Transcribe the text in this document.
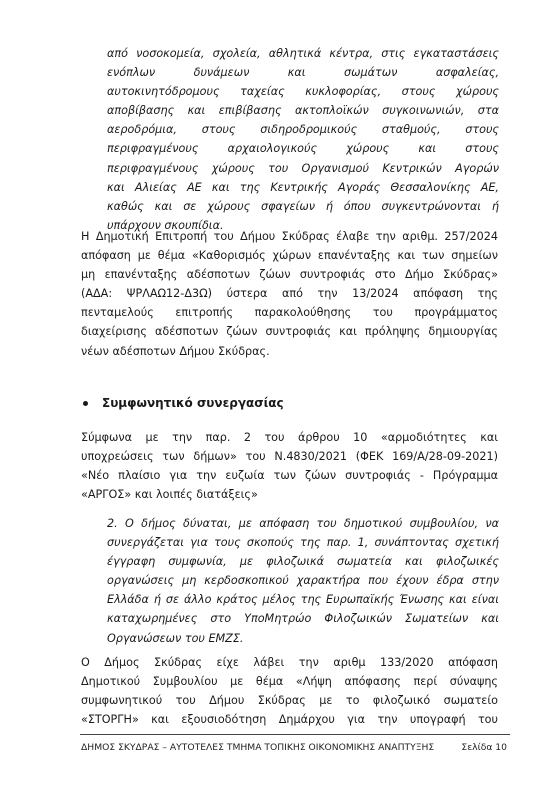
από νοσοκομεία, σχολεία, αθλητικά κέντρα, στις εγκαταστάσεις
ενόπλων δυνάμεων και σωμάτων ασφαλείας,
αυτοκινητόδρομους ταχείας κυκλοφορίας, στους χώρους
αποβίβασης και επιβίβασης ακτοπλοϊκών συγκοινωνιών, στα
αεροδρόμια, στους σιδηροδρομικούς σταθμούς, στους
περιφραγμένους αρχαιολογικούς χώρους και στους
περιφραγμένους χώρους του Οργανισμού Κεντρικών Αγορών
και Αλιείας ΑΕ και της Κεντρικής Αγοράς Θεσσαλονίκης ΑΕ,
καθώς και σε χώρους σφαγείων ή όπου συγκεντρώνονται ή
υπάρχουν σκουπίδια.
Η Δημοτική Επιτροπή του Δήμου Σκύδρας έλαβε την αριθμ. 257/2024
απόφαση με θέμα «Καθορισμός χώρων επανένταξης και των σημείων
μη επανένταξης αδέσποτων ζώων συντροφιάς στο Δήμο Σκύδρας»
(ΑΔΑ: ΨΡΛΑΩ12-Δ3Ω) ύστερα από την 13/2024 απόφαση της
πενταμελούς επιτροπής παρακολούθησης του προγράμματος
διαχείρισης αδέσποτων ζώων συντροφιάς και πρόληψης δημιουργίας
νέων αδέσποτων Δήμου Σκύδρας.
Συμφωνητικό συνεργασίας
Σύμφωνα με την παρ. 2 του άρθρου 10 «αρμοδιότητες και
υποχρεώσεις των δήμων» του Ν.4830/2021 (ΦΕΚ 169/Α/28-09-2021)
«Νέο πλαίσιο για την ευζωία των ζώων συντροφιάς - Πρόγραμμα
«ΑΡΓΟΣ» και λοιπές διατάξεις»
2. Ο δήμος δύναται, με απόφαση του δημοτικού συμβουλίου, να
συνεργάζεται για τους σκοπούς της παρ. 1, συνάπτοντας σχετική
έγγραφη συμφωνία, με φιλοζωικά σωματεία και φιλοζωικές
οργανώσεις μη κερδοσκοπικού χαρακτήρα που έχουν έδρα στην
Ελλάδα ή σε άλλο κράτος μέλος της Ευρωπαϊκής Ένωσης και είναι
καταχωρημένες στο ΥποΜητρώο Φιλοζωικών Σωματείων και
Οργανώσεων του ΕΜΖΣ.
Ο Δήμος Σκύδρας είχε λάβει την αριθμ 133/2020 απόφαση
Δημοτικού Συμβουλίου με θέμα «Λήψη απόφασης περί σύναψης
συμφωνητικού του Δήμου Σκύδρας με το φιλοζωικό σωματείο
«ΣΤΟΡΓΗ» και εξουσιοδότηση Δημάρχου για την υπογραφή του
ΔΗΜΟΣ ΣΚΥΔΡΑΣ – ΑΥΤΟΤΕΛΕΣ ΤΜΗΜΑ ΤΟΠΙΚΗΣ ΟΙΚΟΝΟΜΙΚΗΣ ΑΝΑΠΤΥΞΗΣ	Σελίδα 10
